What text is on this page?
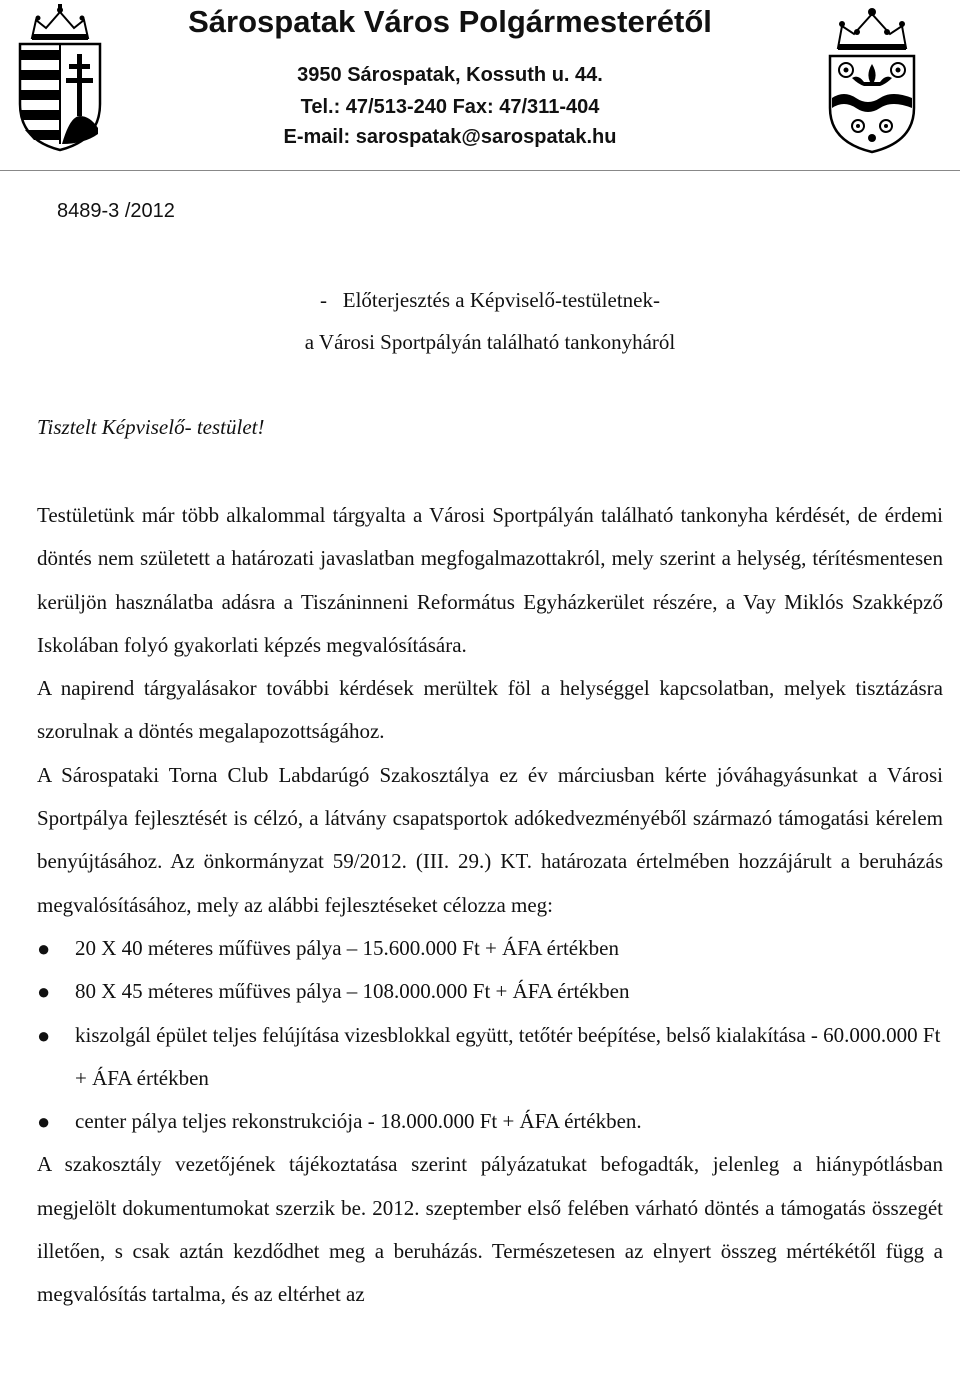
Sárospatak Város Polgármesterétől
3950 Sárospatak, Kossuth u. 44.
Tel.: 47/513-240 Fax: 47/311-404
E-mail: sarospatak@sarospatak.hu
8489-3 /2012
-   Előterjesztés a Képviselő-testületnek-
a Városi Sportpályán található tankonyháról
Tisztelt Képviselő- testület!

Testületünk már több alkalommal tárgyalta a Városi Sportpályán található tankonyha kérdését, de érdemi döntés nem született a határozati javaslatban megfogalmazottakról, mely szerint a helység, térítésmentesen kerüljön használatba adásra a Tiszáninneni Református Egyházkerület részére, a Vay Miklós Szakképző Iskolában folyó gyakorlati képzés megvalósítására.

A napirend tárgyalásakor további kérdések merültek föl a helységgel kapcsolatban, melyek tisztázásra szorulnak a döntés megalapozottságához.

A Sárospataki Torna Club Labdarúgó Szakosztálya ez év márciusban kérte jóváhagyásunkat a Városi Sportpálya fejlesztését is célzó, a látvány csapatsportok adókedvezményéből származó támogatási kérelem benyújtásához. Az önkormányzat 59/2012. (III. 29.) KT. határozata értelmében hozzájárult a beruházás megvalósításához, mely az alábbi fejlesztéseket célozza meg:

● 20 X 40 méteres műfüves pálya – 15.600.000 Ft + ÁFA értékben
● 80 X 45 méteres műfüves pálya – 108.000.000 Ft + ÁFA értékben
● kiszolgál épület teljes felújítása vizesblokkal együtt, tetőtér beépítése, belső kialakítása - 60.000.000 Ft + ÁFA értékben
● center pálya teljes rekonstrukciója - 18.000.000 Ft + ÁFA értékben.

A szakosztály vezetőjének tájékoztatása szerint pályázatukat befogadták, jelenleg a hiánypótlásban megjelölt dokumentumokat szerzik be. 2012. szeptember első felében várható döntés a támogatás összegét illetően, s csak aztán kezdődhet meg a beruházás. Természetesen az elnyert összeg mértékétől függ a megvalósítás tartalma, és az eltérhet az
